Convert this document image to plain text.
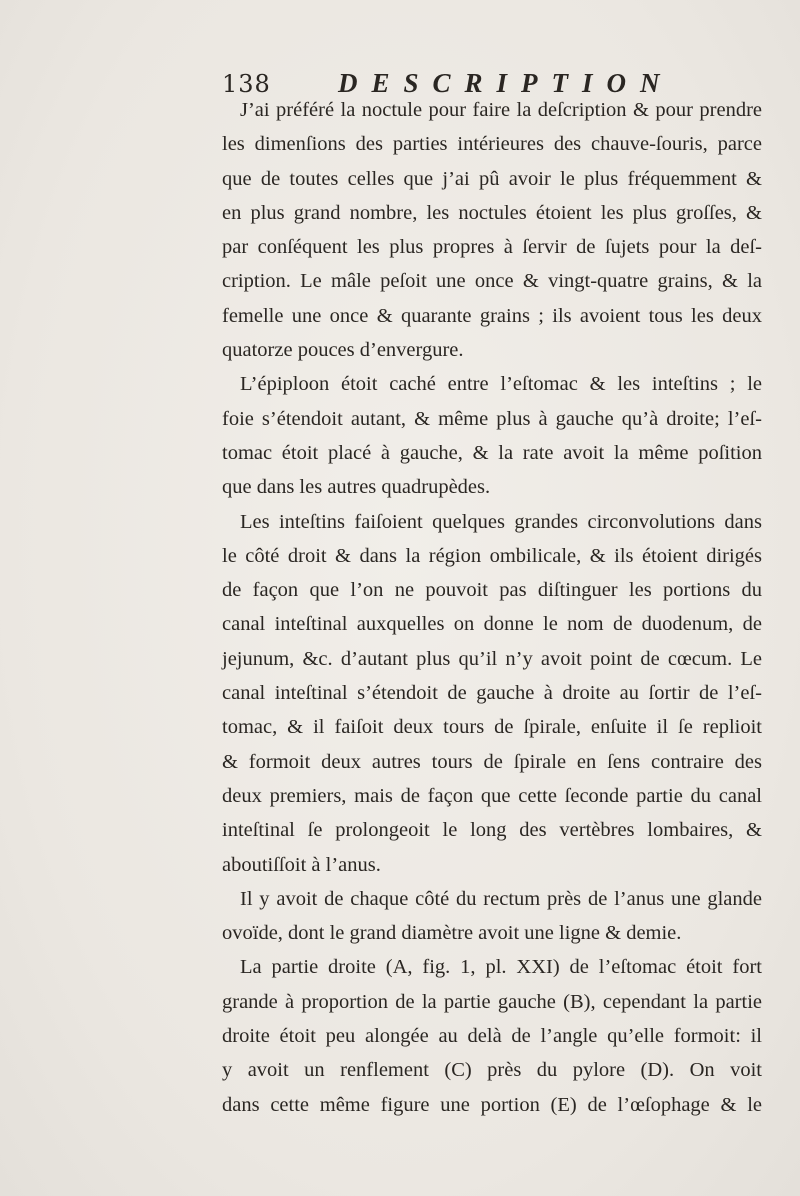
138 DESCRIPTION
J’ai préféré la noctule pour faire la deſcription & pour prendre
les dimenſions des parties intérieures des chauve-ſouris, parce
que de toutes celles que j’ai pû avoir le plus fréquemment &
en plus grand nombre, les noctules étoient les plus groſſes, &
par conſéquent les plus propres à ſervir de ſujets pour la deſ-
cription. Le mâle peſoit une once & vingt-quatre grains, & la
femelle une once & quarante grains ; ils avoient tous les deux
quatorze pouces d’envergure.
L’épiploon étoit caché entre l’eſtomac & les inteſtins ; le
foie s’étendoit autant, & même plus à gauche qu’à droite; l’eſ-
tomac étoit placé à gauche, & la rate avoit la même poſition
que dans les autres quadrupèdes.
Les inteſtins faiſoient quelques grandes circonvolutions dans
le côté droit & dans la région ombilicale, & ils étoient dirigés
de façon que l’on ne pouvoit pas diſtinguer les portions du
canal inteſtinal auxquelles on donne le nom de duodenum, de
jejunum, &c. d’autant plus qu’il n’y avoit point de cœcum. Le
canal inteſtinal s’étendoit de gauche à droite au ſortir de l’eſ-
tomac, & il faiſoit deux tours de ſpirale, enſuite il ſe replioit
& formoit deux autres tours de ſpirale en ſens contraire des
deux premiers, mais de façon que cette ſeconde partie du canal
inteſtinal ſe prolongeoit le long des vertèbres lombaires, &
aboutiſſoit à l’anus.
Il y avoit de chaque côté du rectum près de l’anus une glande
ovoïde, dont le grand diamètre avoit une ligne & demie.
La partie droite (A, fig. 1, pl. XXI) de l’eſtomac étoit fort
grande à proportion de la partie gauche (B), cependant la partie
droite étoit peu alongée au delà de l’angle qu’elle formoit: il
y avoit un renflement (C) près du pylore (D). On voit
dans cette même figure une portion (E) de l’œſophage & le
